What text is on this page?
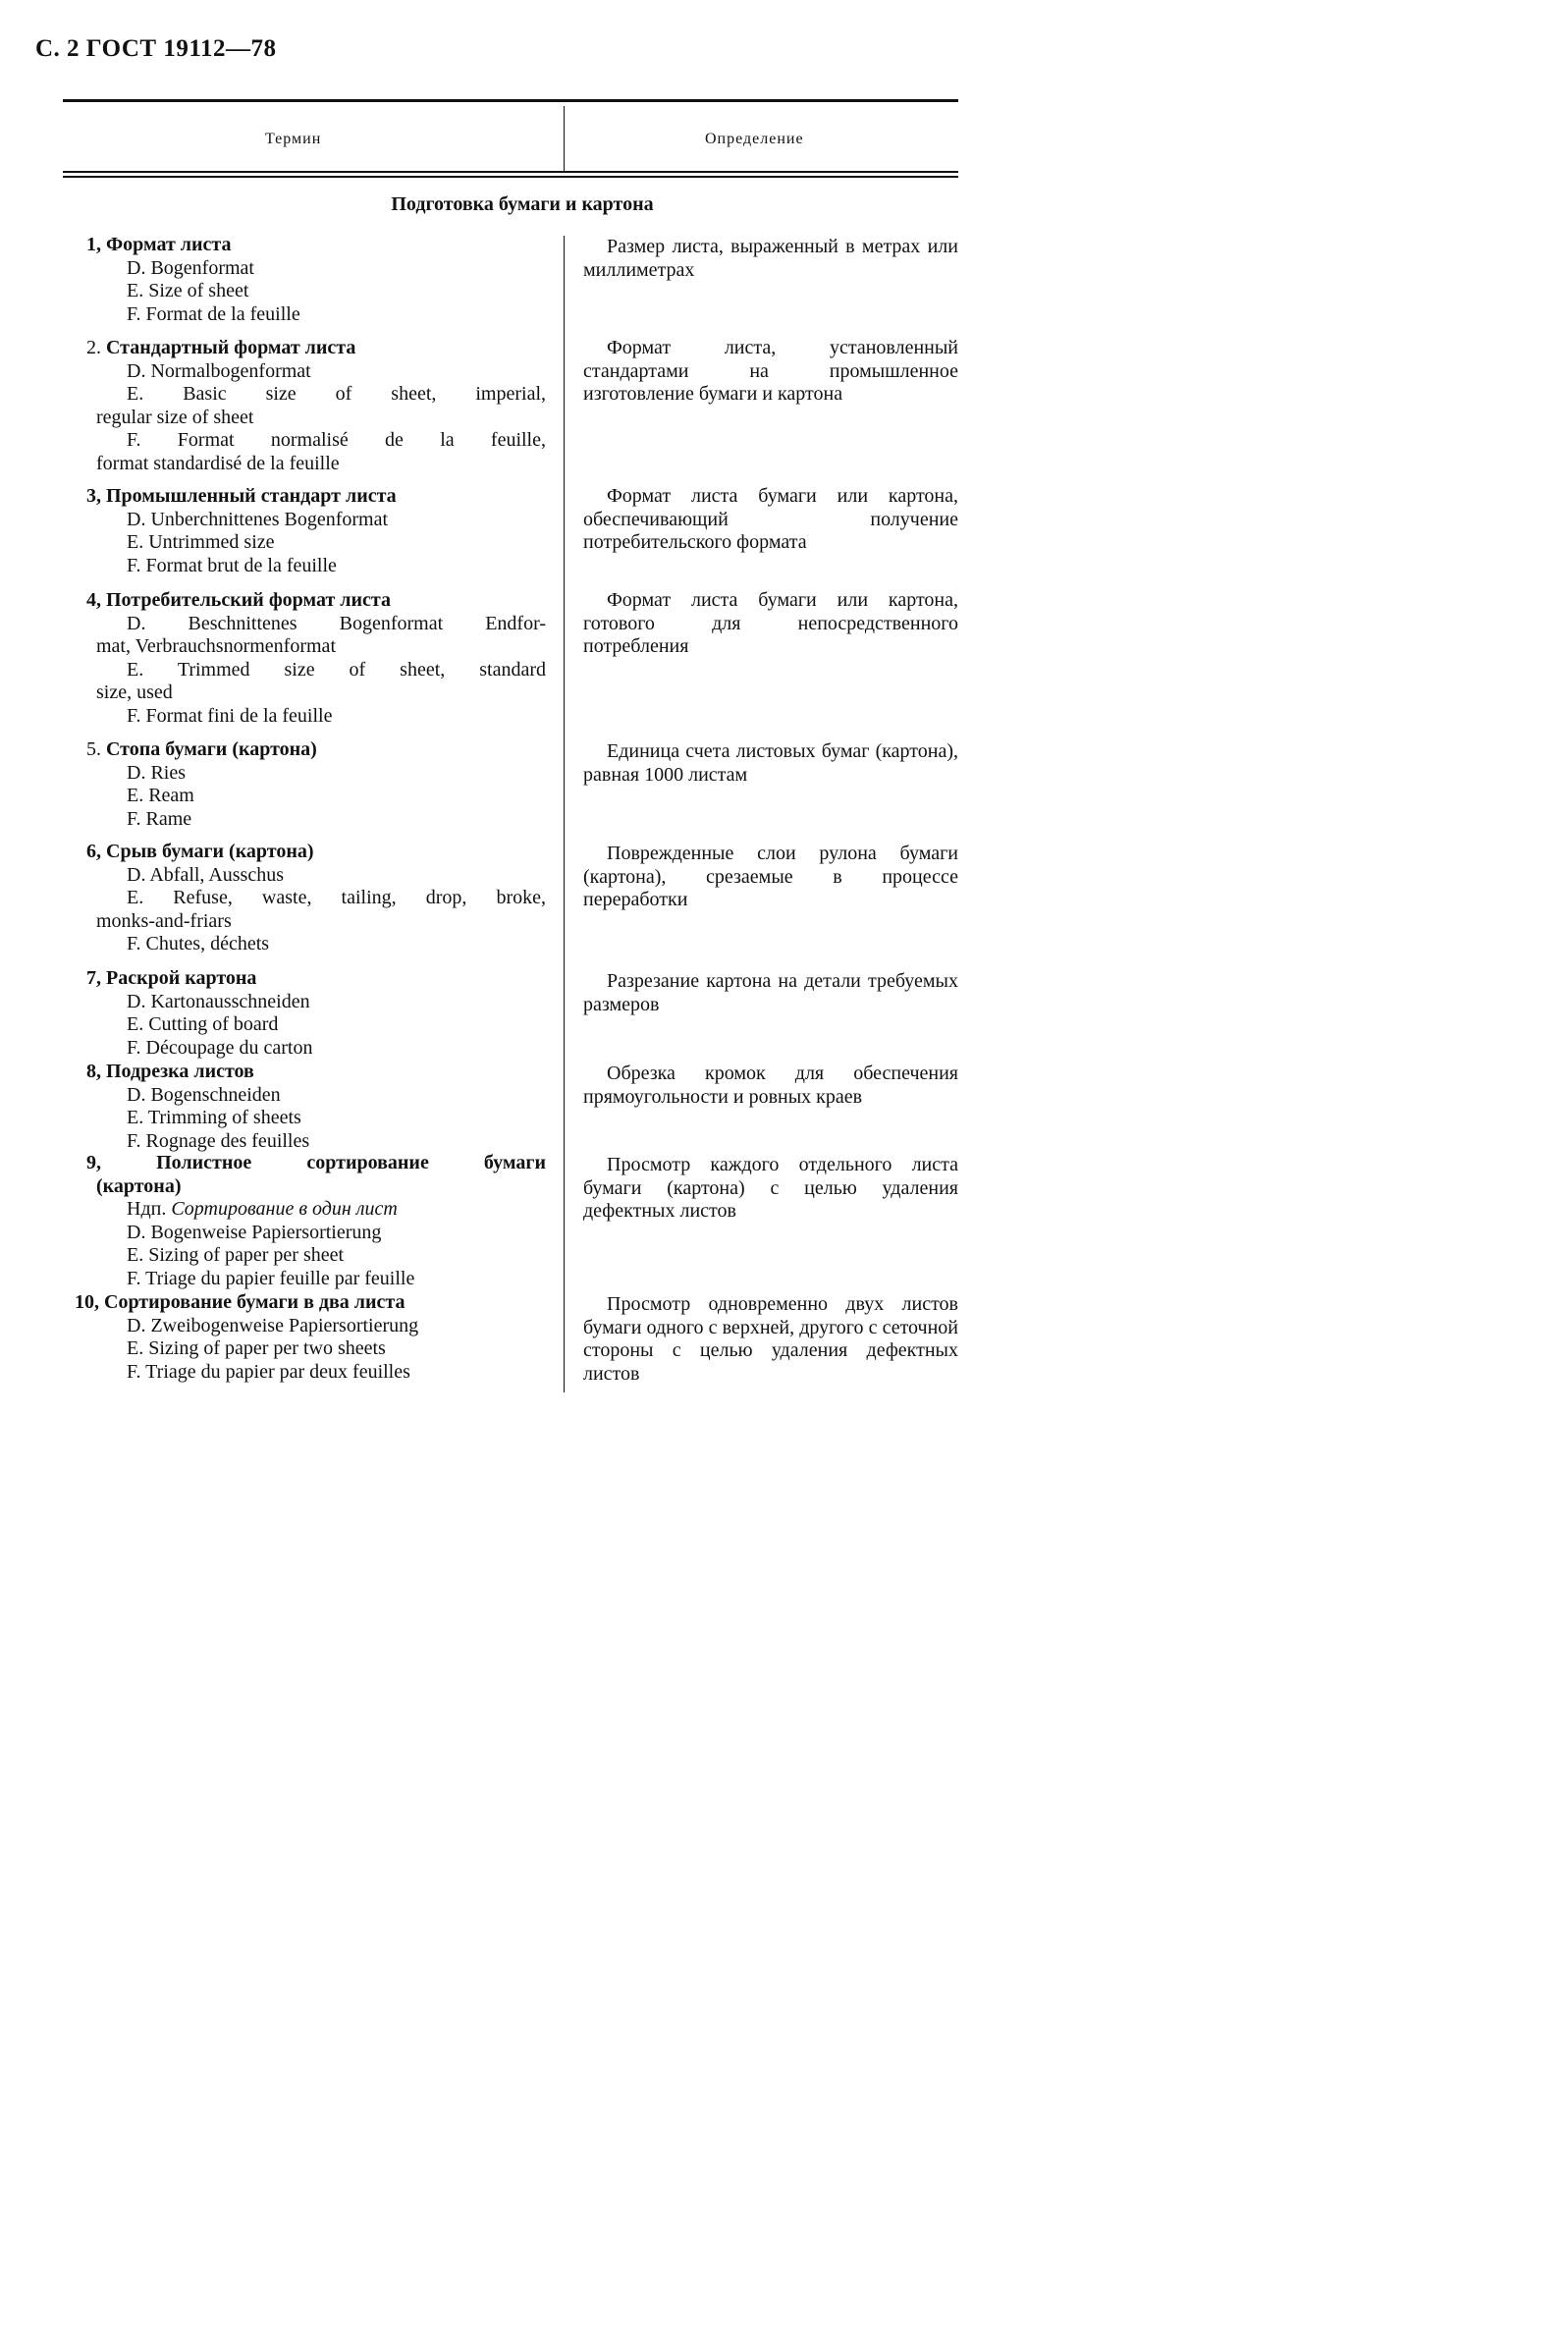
С. 2 ГОСТ 19112—78
Термин	Определение
Подготовка бумаги и картона
1, Формат листа
D. Bogenformat
E. Size of sheet
F. Format de la feuille
Размер листа, выраженный в метрах или миллиметрах
2. Стандартный формат листа
D. Normalbogenformat
E. Basic size of sheet, imperial,
regular size of sheet
F. Format normalisé de la feuille,
format standardisé de la feuille
Формат листа, установленный стандартами на промышленное изготовление бумаги и картона
3, Промышленный стандарт листа
D. Unberchnittenes Bogenformat
E. Untrimmed size
F. Format brut de la feuille
Формат листа бумаги или картона, обеспечивающий получение потребительского формата
4, Потребительский формат листа
D. Beschnittenes Bogenformat Endfor-
mat, Verbrauchsnormenformat
E. Trimmed size of sheet, standard
size, used
F. Format fini de la feuille
Формат листа бумаги или картона, готового для непосредственного потребления
5. Стопа бумаги (картона)
D. Ries
E. Ream
F. Rame
Единица счета листовых бумаг (картона), равная 1000 листам
6, Срыв бумаги (картона)
D. Abfall, Ausschus
E. Refuse, waste, tailing, drop, broke,
monks-and-friars
F. Chutes, déchets
Поврежденные слои рулона бумаги (картона), срезаемые в процессе переработки
7, Раскрой картона
D. Kartonausschneiden
E. Cutting of board
F. Découpage du carton
Разрезание картона на детали требуемых размеров
8, Подрезка листов
D. Bogenschneiden
E. Trimming of sheets
F. Rognage des feuilles
Обрезка кромок для обеспечения прямоугольности и ровных краев
9,	Полистное сортирование бумаги
(картона)
Ндп. Сортирование в один лист
D. Bogenweise Papiersortierung
E. Sizing of paper per sheet
F. Triage du papier feuille par feuille
Просмотр каждого отдельного листа бумаги (картона) с целью удаления дефектных листов
10, Сортирование бумаги в два листа
D. Zweibogenweise Papiersortierung
E. Sizing of paper per two sheets
F. Triage du papier par deux feuilles
Просмотр одновременно двух листов бумаги одного с верхней, другого с сеточной стороны с целью удаления дефектных листов
